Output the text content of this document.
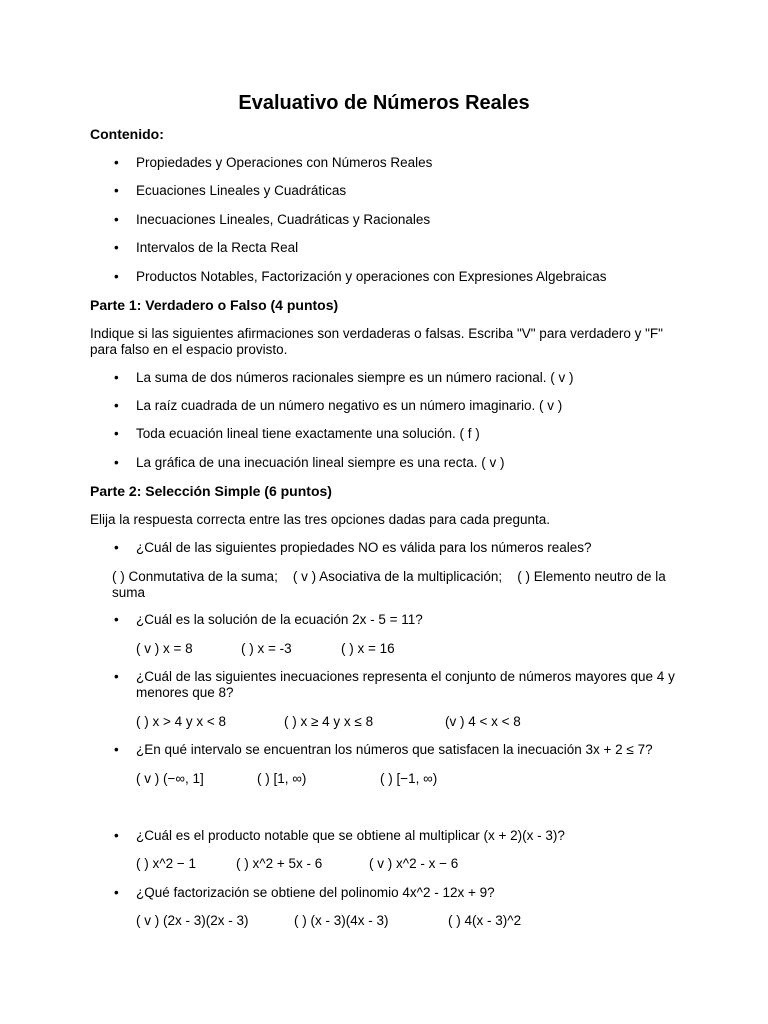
Evaluativo de Números Reales
Contenido:
• Propiedades y Operaciones con Números Reales
• Ecuaciones Lineales y Cuadráticas
• Inecuaciones Lineales, Cuadráticas y Racionales
• Intervalos de la Recta Real
• Productos Notables, Factorización y operaciones con Expresiones Algebraicas
Parte 1: Verdadero o Falso (4 puntos)
Indique si las siguientes afirmaciones son verdaderas o falsas. Escriba "V" para verdadero y "F" para falso en el espacio provisto.
• La suma de dos números racionales siempre es un número racional. ( v )
• La raíz cuadrada de un número negativo es un número imaginario. ( v )
• Toda ecuación lineal tiene exactamente una solución. ( f )
• La gráfica de una inecuación lineal siempre es una recta. ( v )
Parte 2: Selección Simple (6 puntos)
Elija la respuesta correcta entre las tres opciones dadas para cada pregunta.
• ¿Cuál de las siguientes propiedades NO es válida para los números reales?
( ) Conmutativa de la suma; ( v ) Asociativa de la multiplicación; ( ) Elemento neutro de la suma
• ¿Cuál es la solución de la ecuación 2x - 5 = 11?
( v ) x = 8	( ) x = -3	( ) x = 16
• ¿Cuál de las siguientes inecuaciones representa el conjunto de números mayores que 4 y menores que 8?
( ) x > 4 y x < 8	( ) x ≥ 4 y x ≤ 8	(v ) 4 < x < 8
• ¿En qué intervalo se encuentran los números que satisfacen la inecuación 3x + 2 ≤ 7?
( v ) (−∞, 1]	( ) [1, ∞)	( ) [−1, ∞)
• ¿Cuál es el producto notable que se obtiene al multiplicar (x + 2)(x - 3)?
( ) x^2 − 1	( ) x^2 + 5x - 6	( v ) x^2 - x − 6
• ¿Qué factorización se obtiene del polinomio 4x^2 - 12x + 9?
( v ) (2x - 3)(2x - 3)	( ) (x - 3)(4x - 3)	( ) 4(x - 3)^2
